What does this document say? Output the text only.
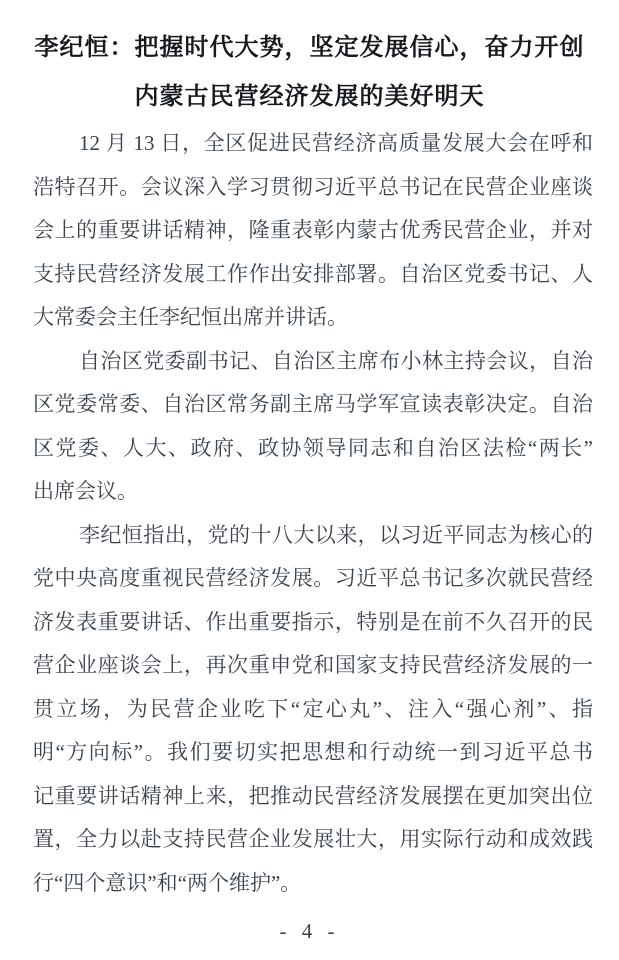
李纪恒：把握时代大势，坚定发展信心，奋力开创
内蒙古民营经济发展的美好明天
12 月 13 日，全区促进民营经济高质量发展大会在呼和
浩特召开。会议深入学习贯彻习近平总书记在民营企业座谈
会上的重要讲话精神，隆重表彰内蒙古优秀民营企业，并对
支持民营经济发展工作作出安排部署。自治区党委书记、人
大常委会主任李纪恒出席并讲话。
自治区党委副书记、自治区主席布小林主持会议，自治
区党委常委、自治区常务副主席马学军宣读表彰决定。自治
区党委、人大、政府、政协领导同志和自治区法检“两长”
出席会议。
李纪恒指出，党的十八大以来，以习近平同志为核心的
党中央高度重视民营经济发展。习近平总书记多次就民营经
济发表重要讲话、作出重要指示，特别是在前不久召开的民
营企业座谈会上，再次重申党和国家支持民营经济发展的一
贯立场，为民营企业吃下“定心丸”、注入“强心剂”、指
明“方向标”。我们要切实把思想和行动统一到习近平总书
记重要讲话精神上来，把推动民营经济发展摆在更加突出位
置，全力以赴支持民营企业发展壮大，用实际行动和成效践
行“四个意识”和“两个维护”。
- 4 -
